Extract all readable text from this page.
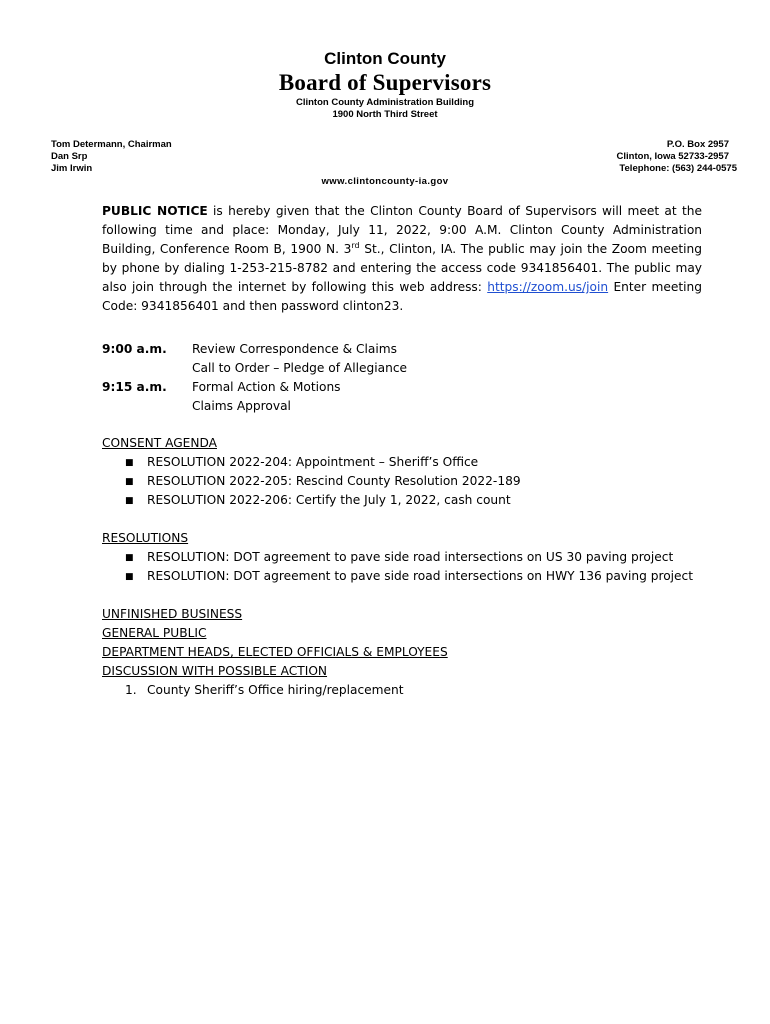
Clinton County
Board of Supervisors
Clinton County Administration Building
1900 North Third Street
Tom Determann, Chairman
Dan Srp
Jim Irwin
P.O. Box 2957
Clinton, Iowa 52733-2957
Telephone: (563) 244-0575
www.clintoncounty-ia.gov
PUBLIC NOTICE is hereby given that the Clinton County Board of Supervisors will meet at the following time and place: Monday, July 11, 2022, 9:00 A.M. Clinton County Administration Building, Conference Room B, 1900 N. 3rd St., Clinton, IA. The public may join the Zoom meeting by phone by dialing 1-253-215-8782 and entering the access code 9341856401. The public may also join through the internet by following this web address: https://zoom.us/join Enter meeting Code: 9341856401 and then password clinton23.
9:00 a.m. Review Correspondence & Claims
Call to Order – Pledge of Allegiance
9:15 a.m. Formal Action & Motions
Claims Approval
CONSENT AGENDA
■ RESOLUTION 2022-204: Appointment – Sheriff’s Office
■ RESOLUTION 2022-205: Rescind County Resolution 2022-189
■ RESOLUTION 2022-206: Certify the July 1, 2022, cash count
RESOLUTIONS
■ RESOLUTION: DOT agreement to pave side road intersections on US 30 paving project
■ RESOLUTION: DOT agreement to pave side road intersections on HWY 136 paving project
UNFINISHED BUSINESS
GENERAL PUBLIC
DEPARTMENT HEADS, ELECTED OFFICIALS & EMPLOYEES
DISCUSSION WITH POSSIBLE ACTION
1. County Sheriff’s Office hiring/replacement
